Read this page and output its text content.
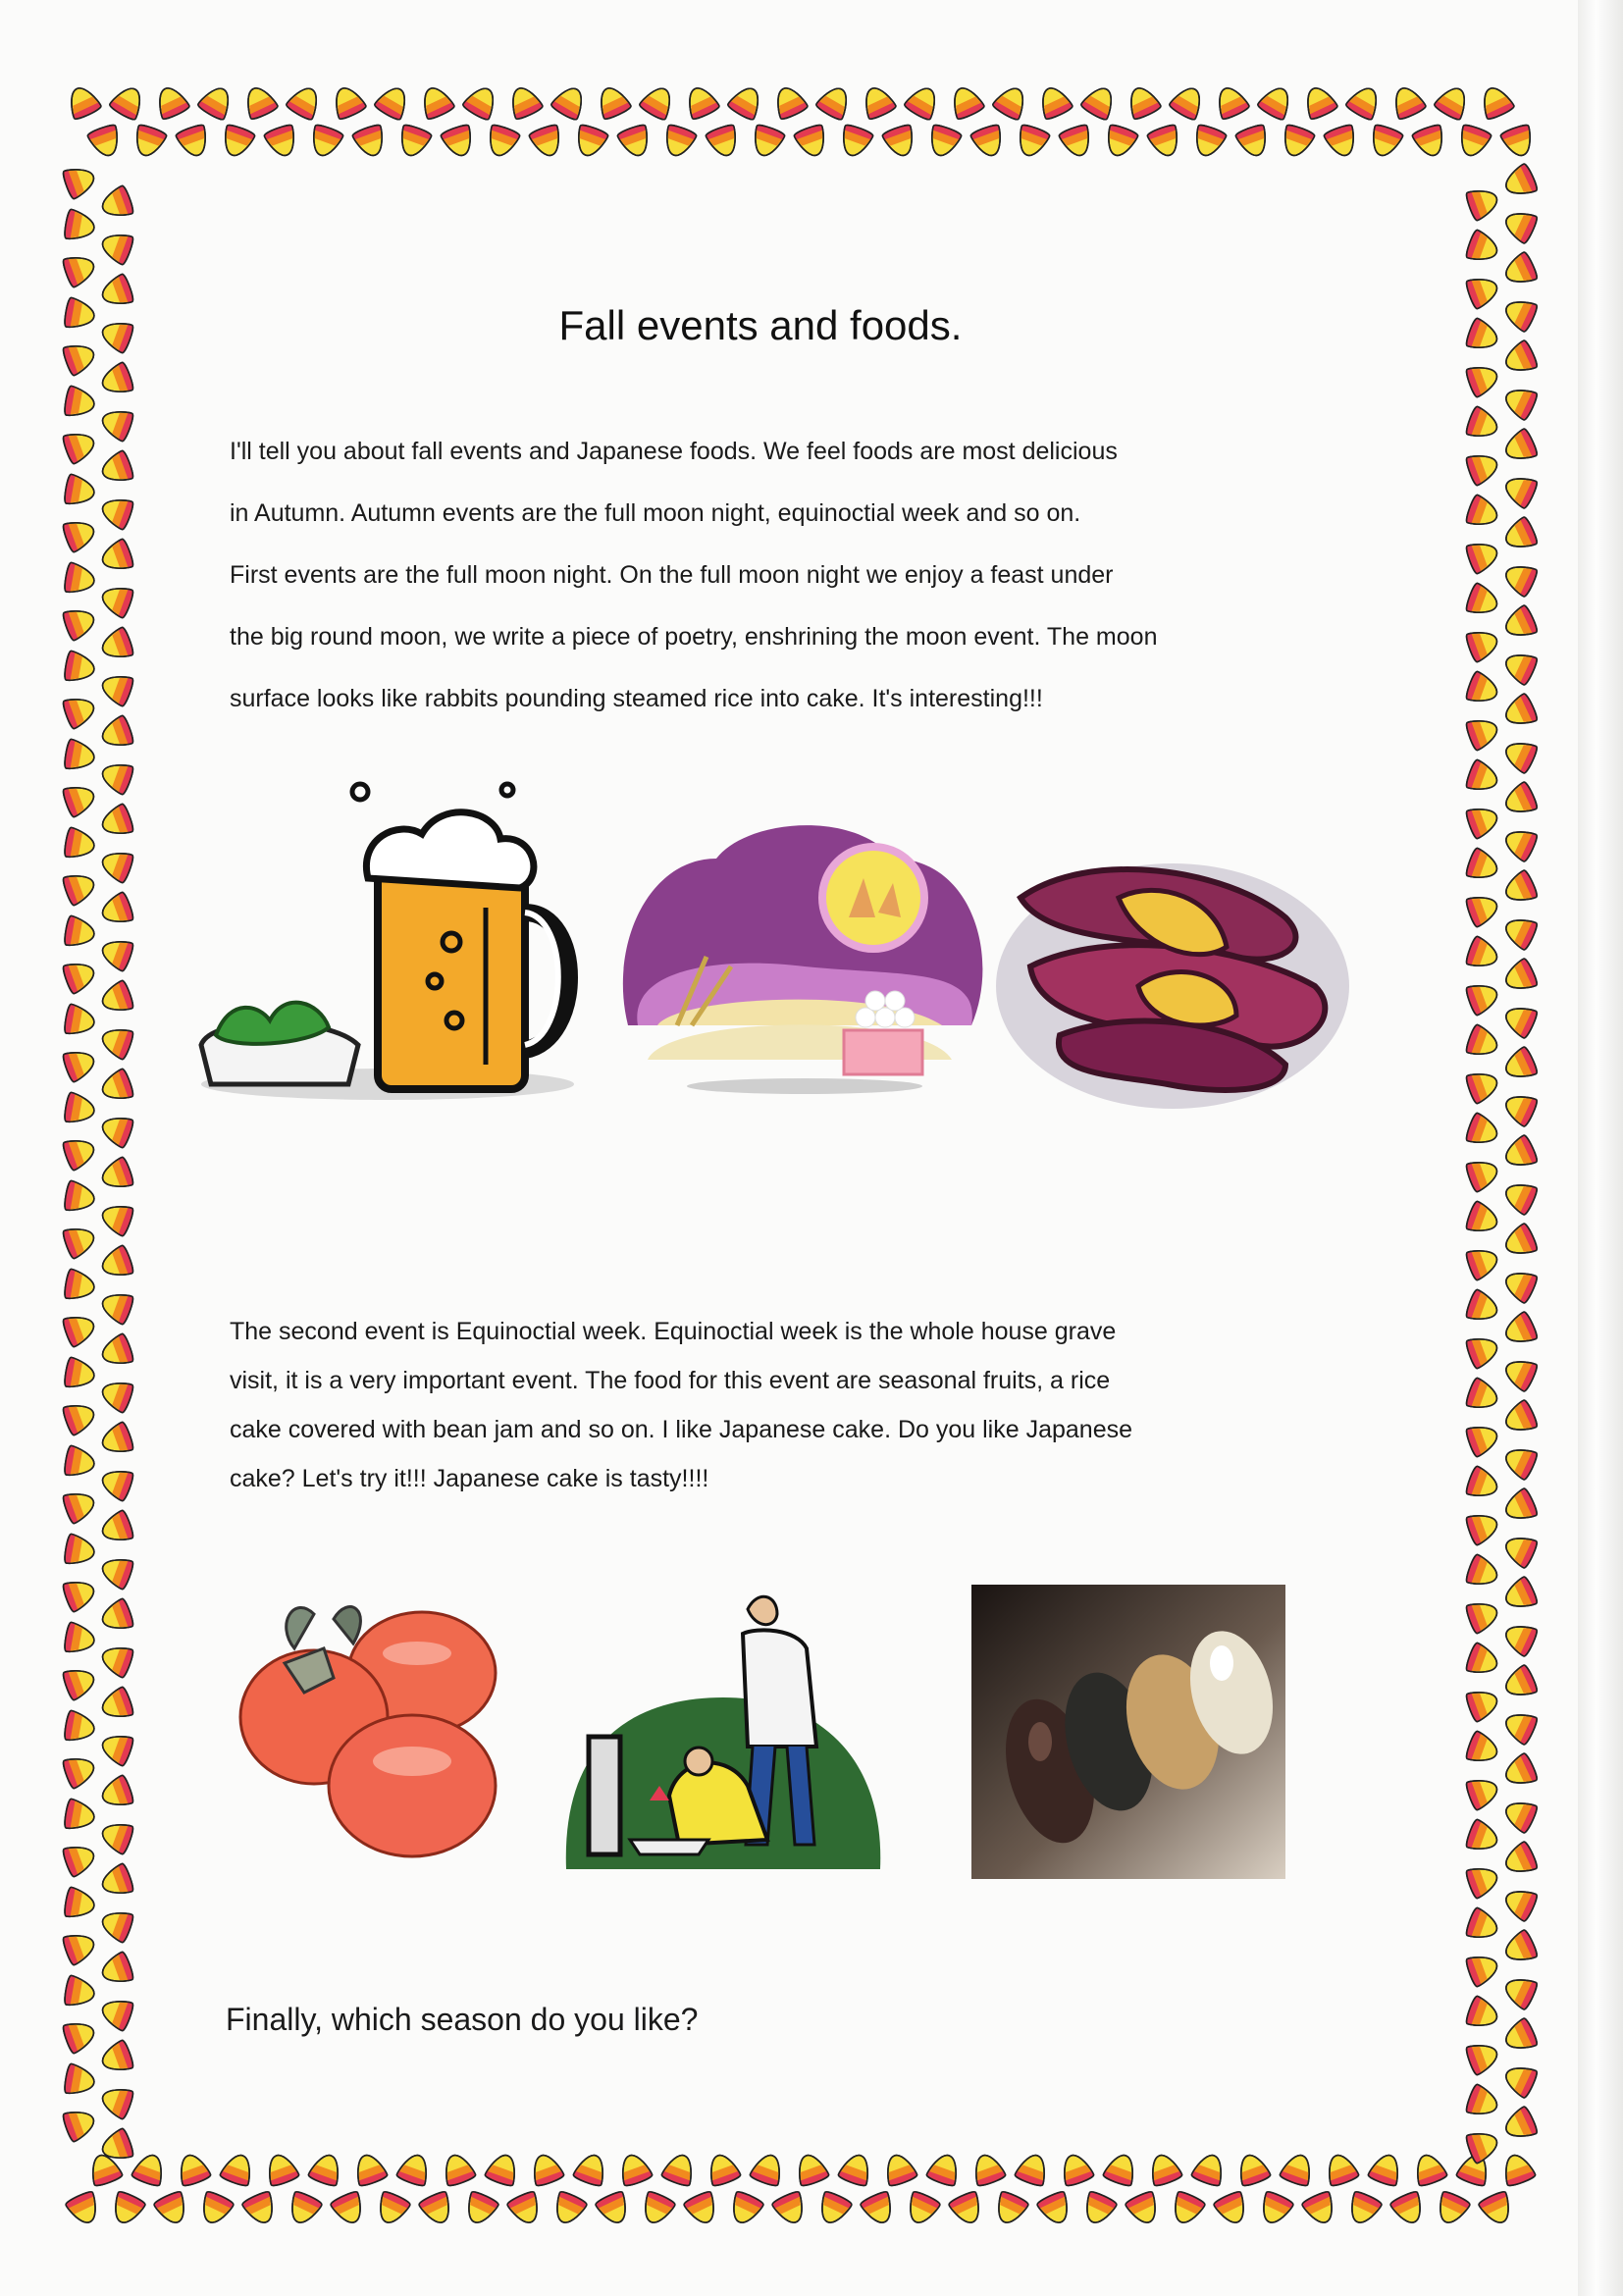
Fall events and foods.
I'll tell you about fall events and Japanese foods. We feel foods are most delicious
in Autumn. Autumn events are the full moon night, equinoctial week and so on.
First events are the full moon night. On the full moon night we enjoy a feast under
the big round moon, we write a piece of poetry, enshrining the moon event. The moon
surface looks like rabbits pounding steamed rice into cake. It's interesting!!!
The second event is Equinoctial week. Equinoctial week is the whole house grave
visit, it is a very important event. The food for this event are seasonal fruits, a rice
cake covered with bean jam and so on. I like Japanese cake. Do you like Japanese
cake? Let's try it!!! Japanese cake is tasty!!!!
Finally, which season do you like?
